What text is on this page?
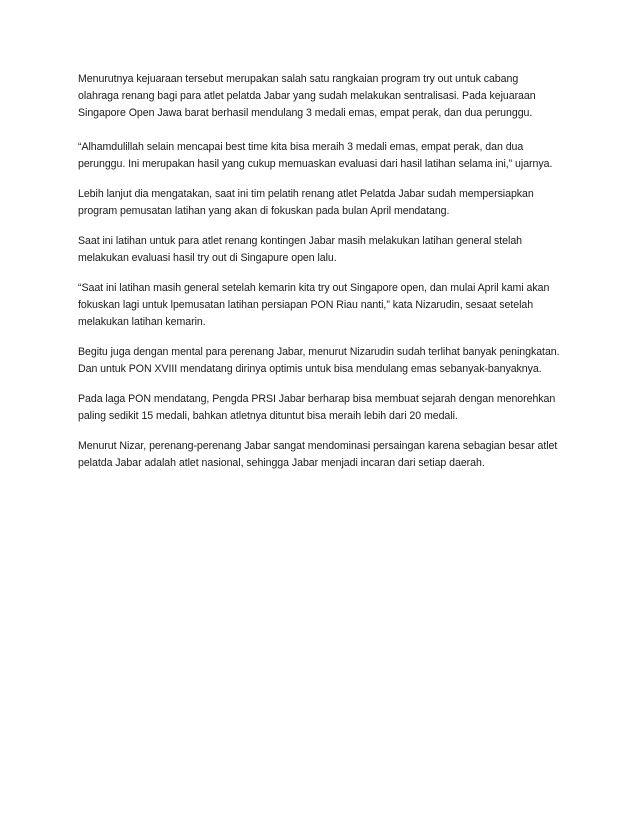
Menurutnya kejuaraan tersebut merupakan salah satu rangkaian program try out untuk cabang
olahraga renang bagi para atlet pelatda Jabar yang sudah melakukan sentralisasi. Pada kejuaraan
Singapore Open Jawa barat berhasil mendulang 3 medali emas, empat perak, dan dua perunggu.

“Alhamdulillah selain mencapai best time kita bisa meraih 3 medali emas, empat perak, dan dua
perunggu. Ini merupakan hasil yang cukup memuaskan evaluasi dari hasil latihan selama ini,” ujarnya.

Lebih lanjut dia mengatakan, saat ini tim pelatih renang atlet Pelatda Jabar sudah mempersiapkan
program pemusatan latihan yang akan di fokuskan pada bulan April mendatang.

Saat ini latihan untuk para atlet renang kontingen Jabar masih melakukan latihan general stelah
melakukan evaluasi hasil try out di Singapure open lalu.

“Saat ini latihan masih general setelah kemarin kita try out Singapore open, dan mulai April kami akan
fokuskan lagi untuk lpemusatan latihan persiapan PON Riau nanti,” kata Nizarudin, sesaat setelah
melakukan latihan kemarin.

Begitu juga dengan mental para perenang Jabar, menurut Nizarudin sudah terlihat banyak peningkatan.
Dan untuk PON XVIII mendatang dirinya optimis untuk bisa mendulang emas sebanyak-banyaknya.

Pada laga PON mendatang, Pengda PRSI Jabar berharap bisa membuat sejarah dengan menorehkan
paling sedikit 15 medali, bahkan atletnya dituntut bisa meraih lebih dari 20 medali.

Menurut Nizar, perenang-perenang Jabar sangat mendominasi persaingan karena sebagian besar atlet
pelatda Jabar adalah atlet nasional, sehingga Jabar menjadi incaran dari setiap daerah.
